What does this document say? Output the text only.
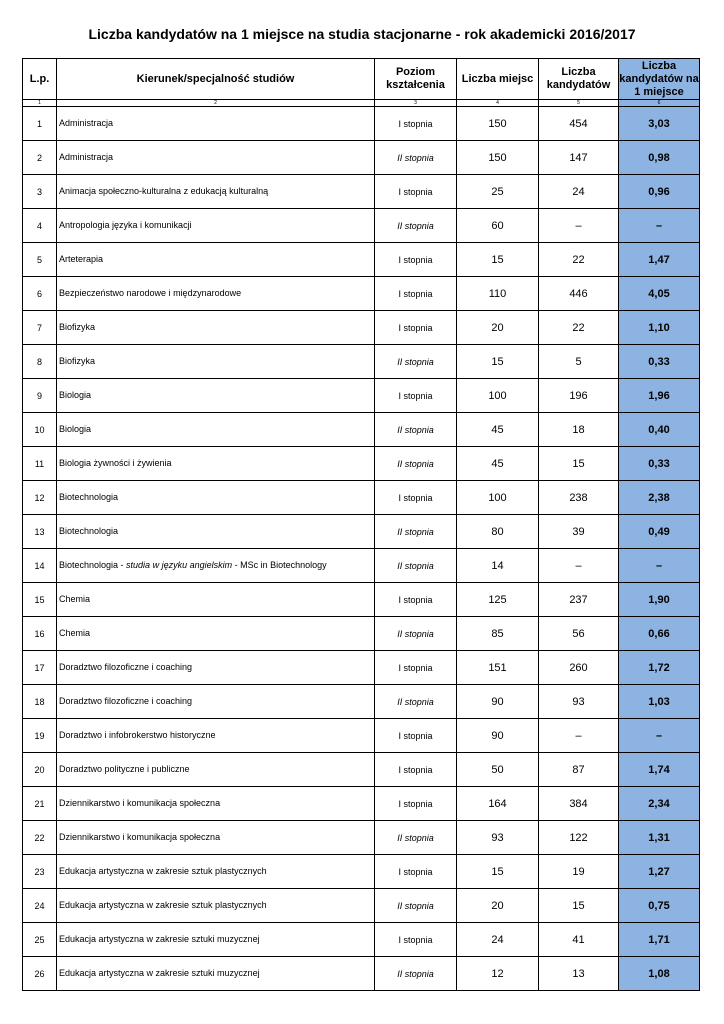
Liczba kandydatów na 1 miejsce na studia stacjonarne - rok akademicki 2016/2017
L.p.	Kierunek/specjalność studiów	Poziom kształcenia	Liczba miejsc	Liczba kandydatów	Liczba kandydatów na 1 miejsce
1	2	3	4	5	6
1	Administracja	I stopnia	150	454	3,03
2	Administracja	II stopnia	150	147	0,98
3	Animacja społeczno-kulturalna z edukacją kulturalną	I stopnia	25	24	0,96
4	Antropologia języka i komunikacji	II stopnia	60	–	–
5	Arteterapia	I stopnia	15	22	1,47
6	Bezpieczeństwo narodowe i międzynarodowe	I stopnia	110	446	4,05
7	Biofizyka	I stopnia	20	22	1,10
8	Biofizyka	II stopnia	15	5	0,33
9	Biologia	I stopnia	100	196	1,96
10	Biologia	II stopnia	45	18	0,40
11	Biologia żywności i żywienia	II stopnia	45	15	0,33
12	Biotechnologia	I stopnia	100	238	2,38
13	Biotechnologia	II stopnia	80	39	0,49
14	Biotechnologia - studia w języku angielskim - MSc in Biotechnology	II stopnia	14	–	–
15	Chemia	I stopnia	125	237	1,90
16	Chemia	II stopnia	85	56	0,66
17	Doradztwo filozoficzne i coaching	I stopnia	151	260	1,72
18	Doradztwo filozoficzne i coaching	II stopnia	90	93	1,03
19	Doradztwo i infobrokerstwo historyczne	I stopnia	90	–	–
20	Doradztwo polityczne i publiczne	I stopnia	50	87	1,74
21	Dziennikarstwo i komunikacja społeczna	I stopnia	164	384	2,34
22	Dziennikarstwo i komunikacja społeczna	II stopnia	93	122	1,31
23	Edukacja artystyczna w zakresie sztuk plastycznych	I stopnia	15	19	1,27
24	Edukacja artystyczna w zakresie sztuk plastycznych	II stopnia	20	15	0,75
25	Edukacja artystyczna w zakresie sztuki muzycznej	I stopnia	24	41	1,71
26	Edukacja artystyczna w zakresie sztuki muzycznej	II stopnia	12	13	1,08
